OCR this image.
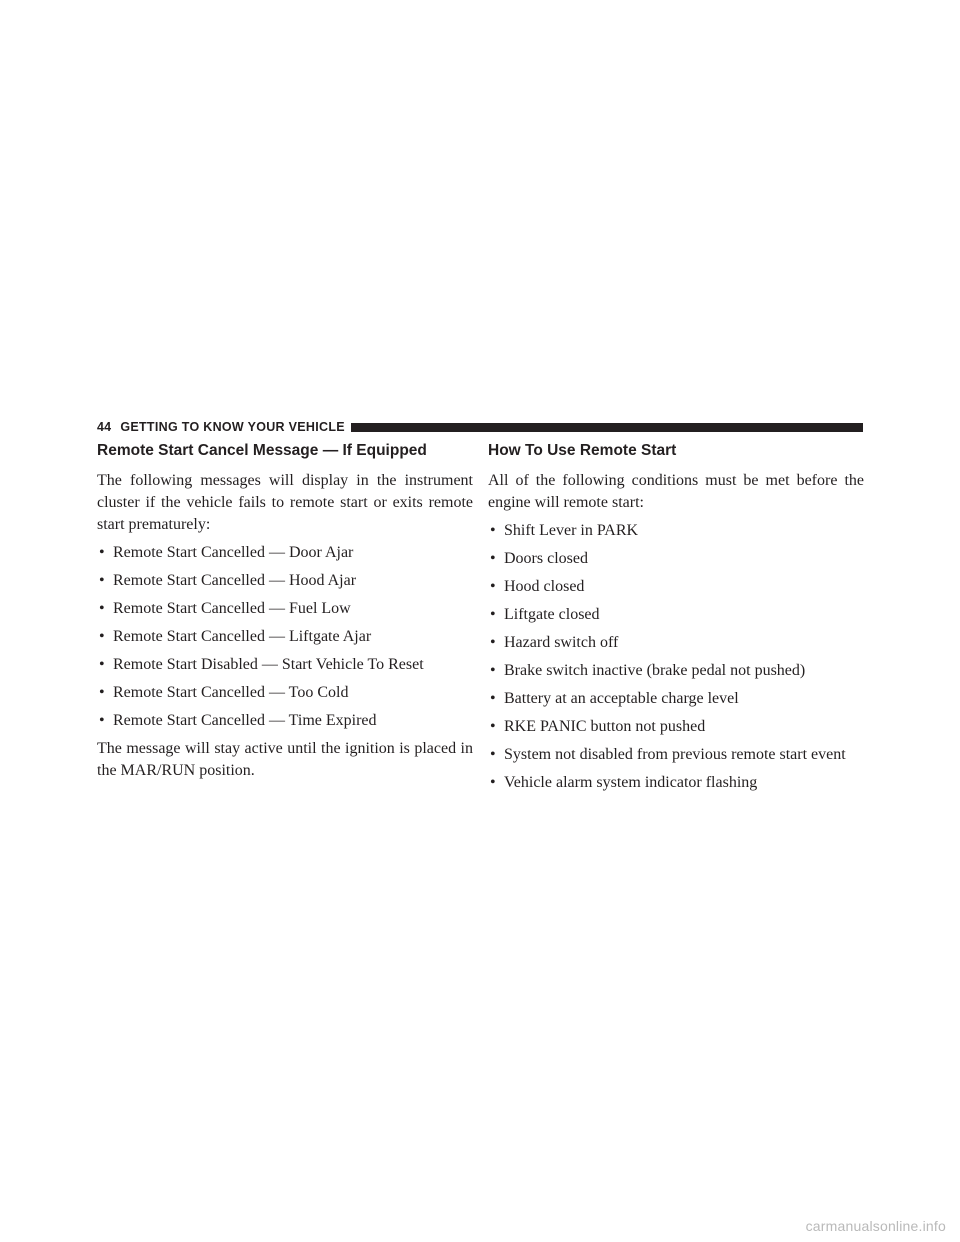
44 GETTING TO KNOW YOUR VEHICLE
Remote Start Cancel Message — If Equipped

The following messages will display in the instrument cluster if the vehicle fails to remote start or exits remote start prematurely:

• Remote Start Cancelled — Door Ajar
• Remote Start Cancelled — Hood Ajar
• Remote Start Cancelled — Fuel Low
• Remote Start Cancelled — Liftgate Ajar
• Remote Start Disabled — Start Vehicle To Reset
• Remote Start Cancelled — Too Cold
• Remote Start Cancelled — Time Expired

The message will stay active until the ignition is placed in the MAR/RUN position.

How To Use Remote Start

All of the following conditions must be met before the engine will remote start:

• Shift Lever in PARK
• Doors closed
• Hood closed
• Liftgate closed
• Hazard switch off
• Brake switch inactive (brake pedal not pushed)
• Battery at an acceptable charge level
• RKE PANIC button not pushed
• System not disabled from previous remote start event
• Vehicle alarm system indicator flashing
carmanualsonline.info
